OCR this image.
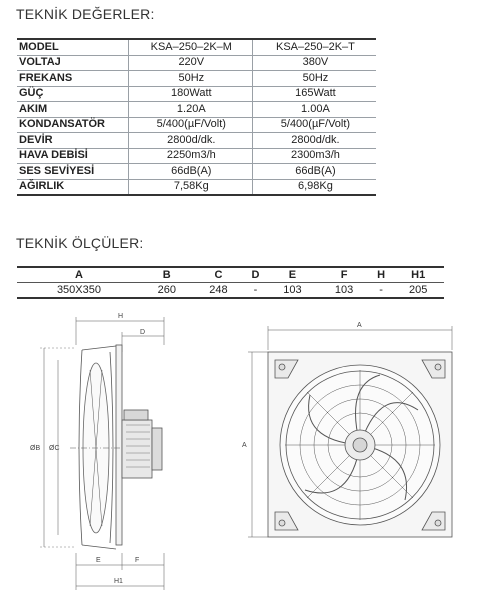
TEKNİK DEĞERLER:
MODEL	KSA–250–2K–M	KSA–250–2K–T
VOLTAJ	220V	380V
FREKANS	50Hz	50Hz
GÜÇ	180Watt	165Watt
AKIM	1.20A	1.00A
KONDANSATÖR	5/400(µF/Volt)	5/400(µF/Volt)
DEVİR	2800d/dk.	2800d/dk.
HAVA DEBİSİ	2250m3/h	2300m3/h
SES SEVİYESİ	66dB(A)	66dB(A)
AĞIRLIK	7,58Kg	6,98Kg
TEKNİK ÖLÇÜLER:
A	B	C	D	E	F	H	H1
350X350	260	248	-	103	103	-	205
H
D
ØB ØC
E	F
H1
A
A
